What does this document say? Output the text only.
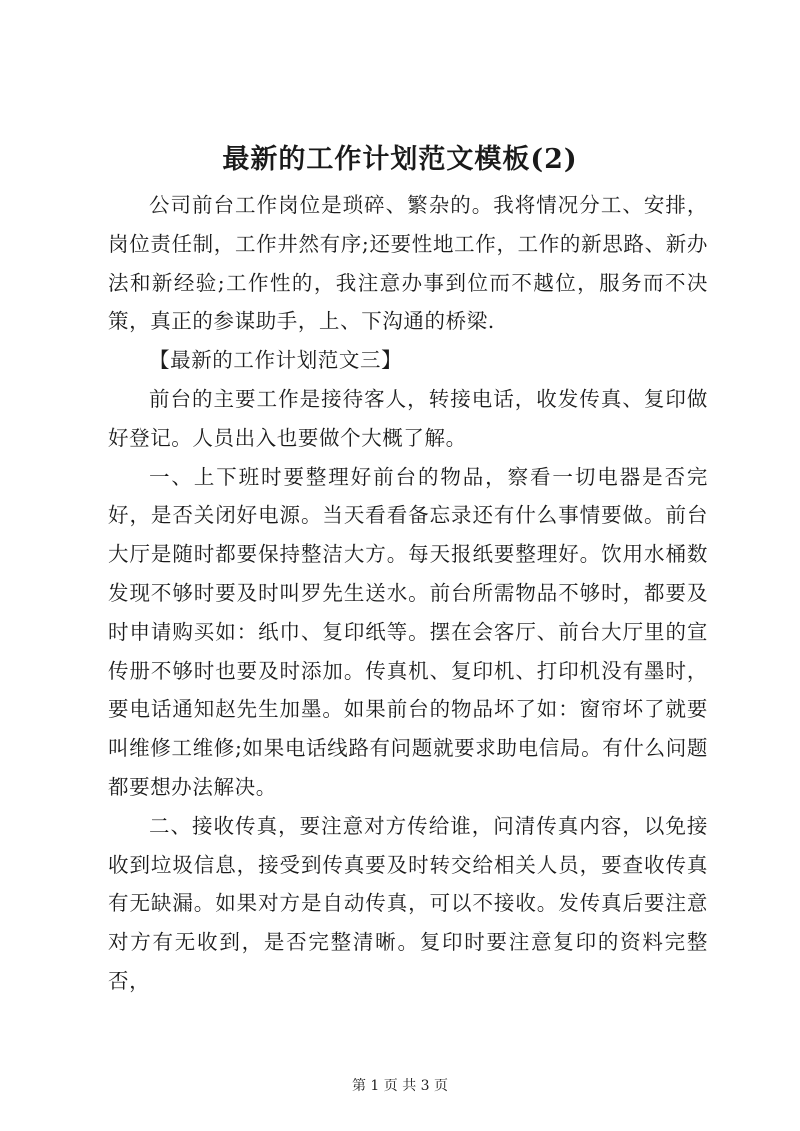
最新的工作计划范文模板(2)

公司前台工作岗位是琐碎、繁杂的。我将情况分工、安排，岗位责任制，工作井然有序;还要性地工作，工作的新思路、新办法和新经验;工作性的，我注意办事到位而不越位，服务而不决策，真正的参谋助手，上、下沟通的桥梁.

【最新的工作计划范文三】

前台的主要工作是接待客人，转接电话，收发传真、复印做好登记。人员出入也要做个大概了解。

一、上下班时要整理好前台的物品，察看一切电器是否完好，是否关闭好电源。当天看看备忘录还有什么事情要做。前台大厅是随时都要保持整洁大方。每天报纸要整理好。饮用水桶数发现不够时要及时叫罗先生送水。前台所需物品不够时，都要及时申请购买如：纸巾、复印纸等。摆在会客厅、前台大厅里的宣传册不够时也要及时添加。传真机、复印机、打印机没有墨时，要电话通知赵先生加墨。如果前台的物品坏了如：窗帘坏了就要叫维修工维修;如果电话线路有问题就要求助电信局。有什么问题都要想办法解决。

二、接收传真，要注意对方传给谁，问清传真内容，以免接收到垃圾信息，接受到传真要及时转交给相关人员，要查收传真有无缺漏。如果对方是自动传真，可以不接收。发传真后要注意对方有无收到，是否完整清晰。复印时要注意复印的资料完整否，

第 1 页 共 3 页
